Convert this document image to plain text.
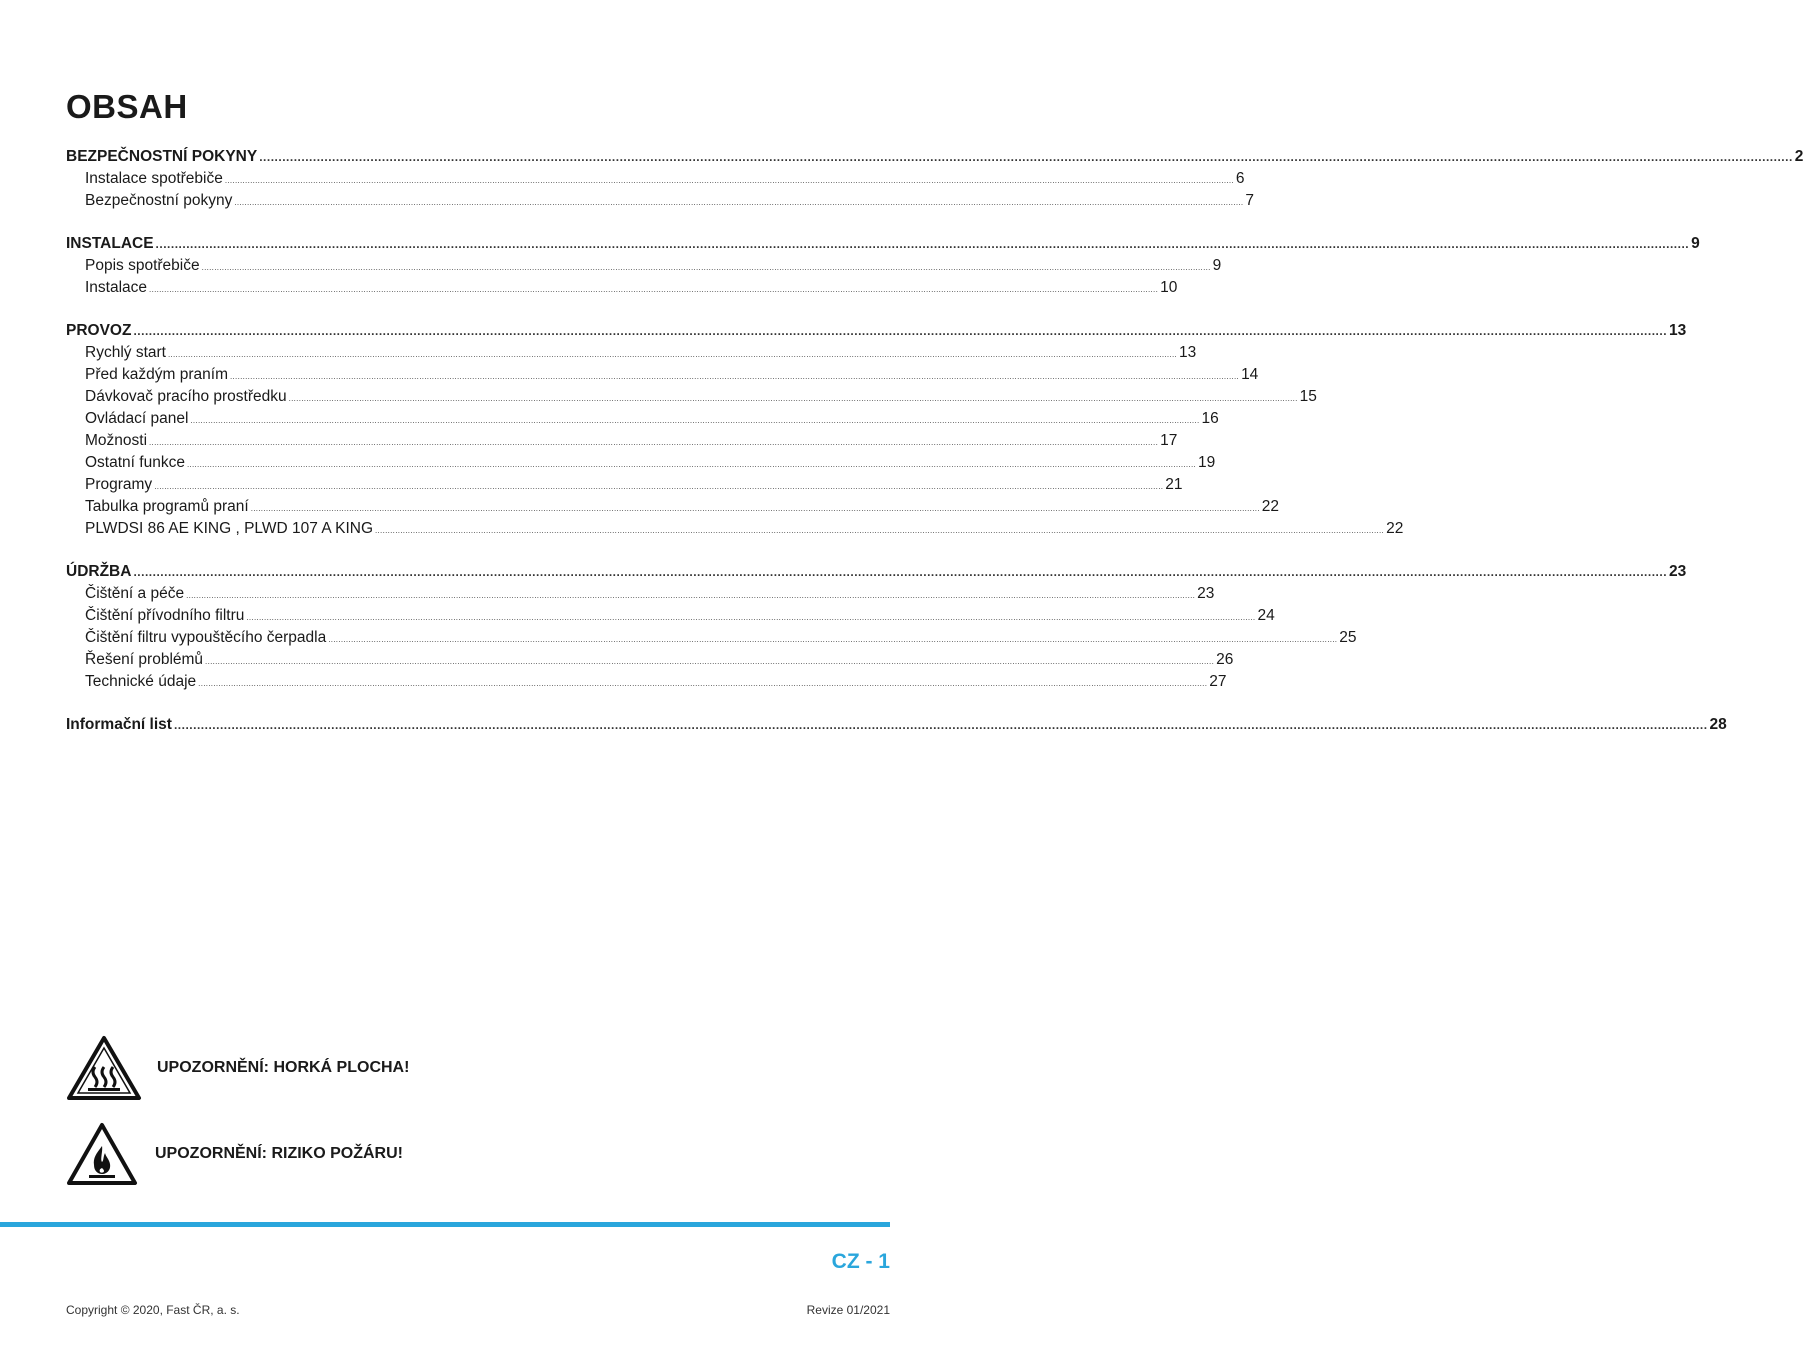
OBSAH
BEZPEČNOSTNÍ POKYNY ................................................................................................................................................................................................................................................................................................................................................................................................................ 2
Instalace spotřebiče ................................................................................................................................................................................................................................................................................................................................................................................................................ 6
Bezpečnostní pokyny ................................................................................................................................................................................................................................................................................................................................................................................................................ 7
INSTALACE ................................................................................................................................................................................................................................................................................................................................................................................................................ 9
Popis spotřebiče ................................................................................................................................................................................................................................................................................................................................................................................................................ 9
Instalace ................................................................................................................................................................................................................................................................................................................................................................................................................ 10
PROVOZ ................................................................................................................................................................................................................................................................................................................................................................................................................ 13
Rychlý start ................................................................................................................................................................................................................................................................................................................................................................................................................ 13
Před každým praním ................................................................................................................................................................................................................................................................................................................................................................................................................ 14
Dávkovač pracího prostředku ................................................................................................................................................................................................................................................................................................................................................................................................................ 15
Ovládací panel ................................................................................................................................................................................................................................................................................................................................................................................................................ 16
Možnosti ................................................................................................................................................................................................................................................................................................................................................................................................................ 17
Ostatní funkce ................................................................................................................................................................................................................................................................................................................................................................................................................ 19
Programy ................................................................................................................................................................................................................................................................................................................................................................................................................ 21
Tabulka programů praní ................................................................................................................................................................................................................................................................................................................................................................................................................ 22
PLWDSI 86 AE KING , PLWD 107 A KING ................................................................................................................................................................................................................................................................................................................................................................................................................ 22
ÚDRŽBA ................................................................................................................................................................................................................................................................................................................................................................................................................ 23
Čištění a péče ................................................................................................................................................................................................................................................................................................................................................................................................................ 23
Čištění přívodního filtru ................................................................................................................................................................................................................................................................................................................................................................................................................ 24
Čištění filtru vypouštěcího čerpadla ................................................................................................................................................................................................................................................................................................................................................................................................................ 25
Řešení problémů ................................................................................................................................................................................................................................................................................................................................................................................................................ 26
Technické údaje ................................................................................................................................................................................................................................................................................................................................................................................................................ 27
Informační list ................................................................................................................................................................................................................................................................................................................................................................................................................ 28
UPOZORNĚNÍ: HORKÁ PLOCHA!
UPOZORNĚNÍ: RIZIKO POŽÁRU!
CZ - 1
Copyright © 2020, Fast ČR, a. s.	Revize 01/2021
